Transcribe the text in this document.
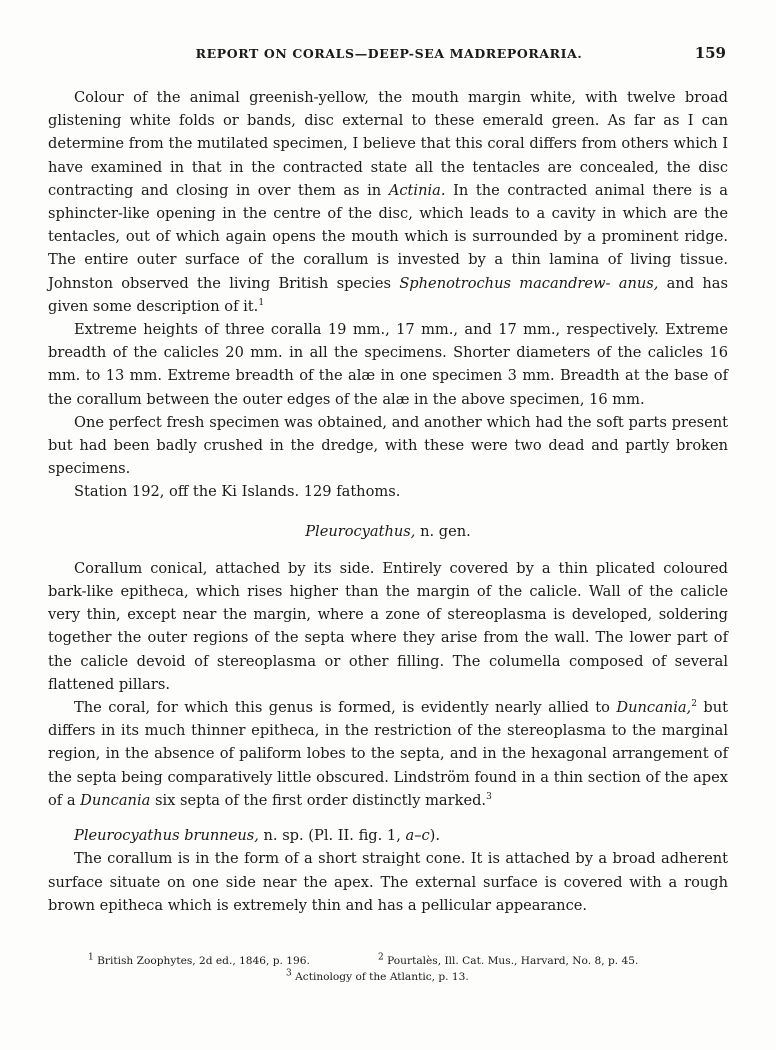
REPORT ON CORALS—DEEP-SEA MADREPORARIA.	159

Colour of the animal greenish-yellow, the mouth margin white, with twelve broad glistening white folds or bands, disc external to these emerald green. As far as I can determine from the mutilated specimen, I believe that this coral differs from others which I have examined in that in the contracted state all the tentacles are concealed, the disc contracting and closing in over them as in Actinia. In the contracted animal there is a sphincter-like opening in the centre of the disc, which leads to a cavity in which are the tentacles, out of which again opens the mouth which is surrounded by a prominent ridge. The entire outer surface of the corallum is invested by a thin lamina of living tissue. Johnston observed the living British species Sphenotrochus macandrew- anus, and has given some description of it.$^1$

Extreme heights of three coralla 19 mm., 17 mm., and 17 mm., respectively. Extreme breadth of the calicles 20 mm. in all the specimens. Shorter diameters of the calicles 16 mm. to 13 mm. Extreme breadth of the alæ in one specimen 3 mm. Breadth at the base of the corallum between the outer edges of the alæ in the above specimen, 16 mm.

One perfect fresh specimen was obtained, and another which had the soft parts present but had been badly crushed in the dredge, with these were two dead and partly broken specimens.

Station 192, off the Ki Islands. 129 fathoms.

Pleurocyathus, n. gen.

Corallum conical, attached by its side. Entirely covered by a thin plicated coloured bark-like epitheca, which rises higher than the margin of the calicle. Wall of the calicle very thin, except near the margin, where a zone of stereoplasma is developed, soldering together the outer regions of the septa where they arise from the wall. The lower part of the calicle devoid of stereoplasma or other filling. The columella composed of several flattened pillars.

The coral, for which this genus is formed, is evidently nearly allied to Duncania,$^2$ but differs in its much thinner epitheca, in the restriction of the stereoplasma to the marginal region, in the absence of paliform lobes to the septa, and in the hexagonal arrangement of the septa being comparatively little obscured. Lindström found in a thin section of the apex of a Duncania six septa of the first order distinctly marked.$^3$

Pleurocyathus brunneus, n. sp. (Pl. II. fig. 1, a–c).

The corallum is in the form of a short straight cone. It is attached by a broad adherent surface situate on one side near the apex. The external surface is covered with a rough brown epitheca which is extremely thin and has a pellicular appearance.

$^1$ British Zoophytes, 2d ed., 1846, p. 196.	$^2$ Pourtalès, Ill. Cat. Mus., Harvard, No. 8, p. 45.
$^3$ Actinology of the Atlantic, p. 13.
